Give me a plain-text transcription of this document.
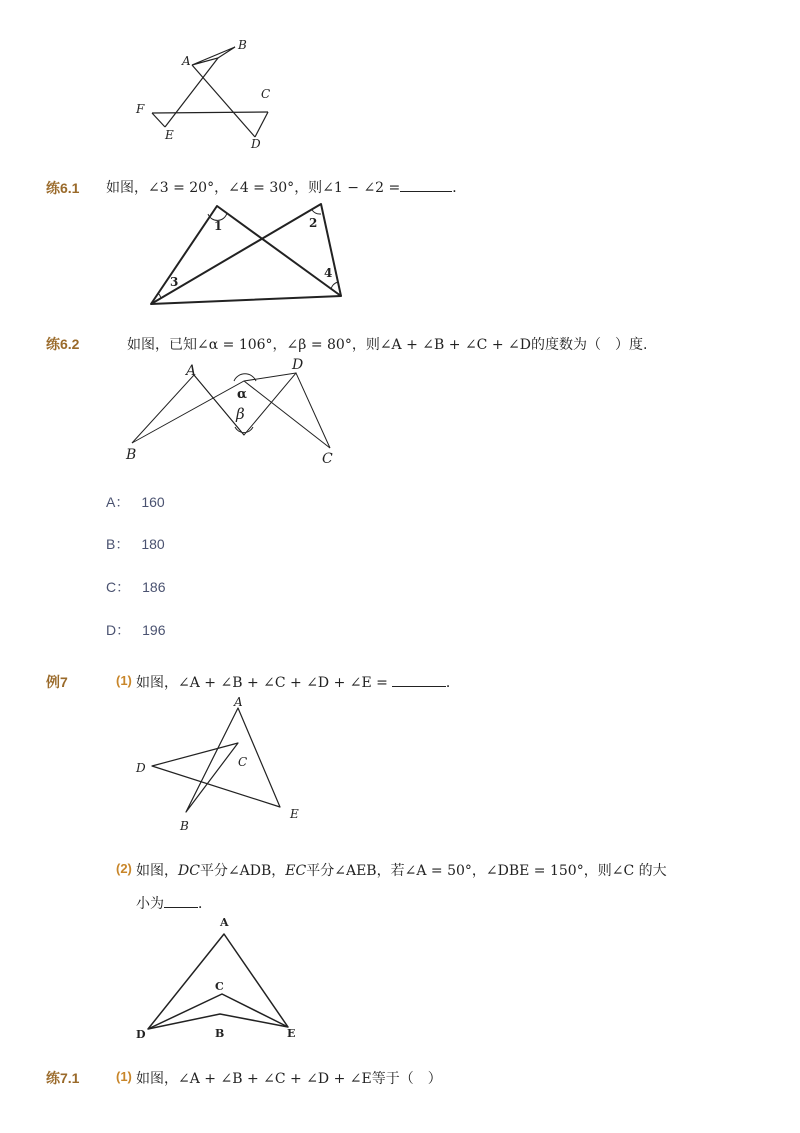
A
B
C
D
E
F
练6.1 如图，∠3 = 20°，∠4 = 30°，则∠1 − ∠2 =	．
1	2
3
4
练6.2	如图，已知∠α = 106°，∠β = 80°，则∠A + ∠B + ∠C + ∠D的度数为（　）度.
A
B	C
D
α
β
A： 160
B： 180
C： 186
D： 196
例7	(1) 如图，∠A + ∠B + ∠C + ∠D + ∠E =	．
A
B
C
D
E
(2) 如图，DC平分∠ADB，EC平分∠AEB，若∠A = 50°，∠DBE = 150°，则∠C 的大
小为 ．
A
B
C
D	E
练7.1	(1) 如图，∠A + ∠B + ∠C + ∠D + ∠E等于（　）
